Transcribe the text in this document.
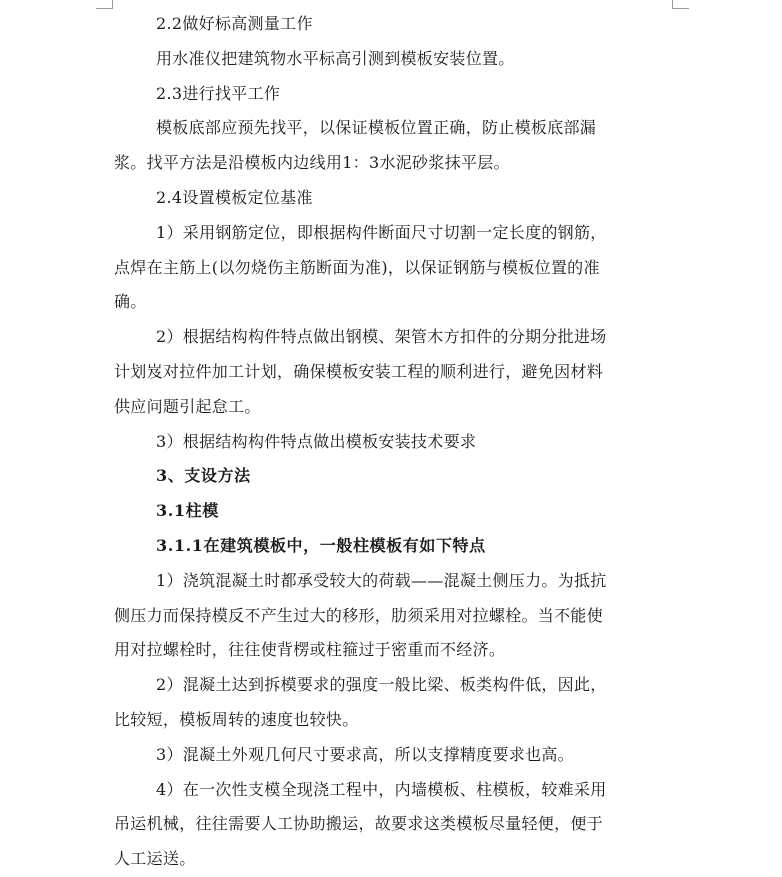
2.2做好标高测量工作

用水准仪把建筑物水平标高引测到模板安装位置。

2.3进行找平工作

模板底部应预先找平，以保证模板位置正确，防止模板底部漏

浆。找平方法是沿模板内边线用1：3水泥砂浆抹平层。

2.4设置模板定位基准

1）采用钢筋定位，即根据构件断面尺寸切割一定长度的钢筋，

点焊在主筋上(以勿烧伤主筋断面为准)，以保证钢筋与模板位置的准

确。

2）根据结构构件特点做出钢模、架管木方扣件的分期分批进场

计划岌对拉件加工计划，确保模板安装工程的顺利进行，避免因材料

供应问题引起怠工。

3）根据结构构件特点做出模板安装技术要求

3、支设方法

3.1柱模

3.1.1在建筑模板中，一般柱模板有如下特点

1）浇筑混凝土时都承受较大的荷载——混凝土侧压力。为抵抗

侧压力而保持模反不产生过大的移形，肋须采用对拉螺栓。当不能使

用对拉螺栓时，往往使背楞或柱箍过于密重而不经济。

2）混凝土达到拆模要求的强度一般比梁、板类构件低，因此，

比较短，模板周转的速度也较快。

3）混凝土外观几何尺寸要求高，所以支撑精度要求也高。

4）在一次性支模全现浇工程中，内墙模板、柱模板，较难采用

吊运机械，往往需要人工协助搬运，故要求这类模板尽量轻便，便于

人工运送。
